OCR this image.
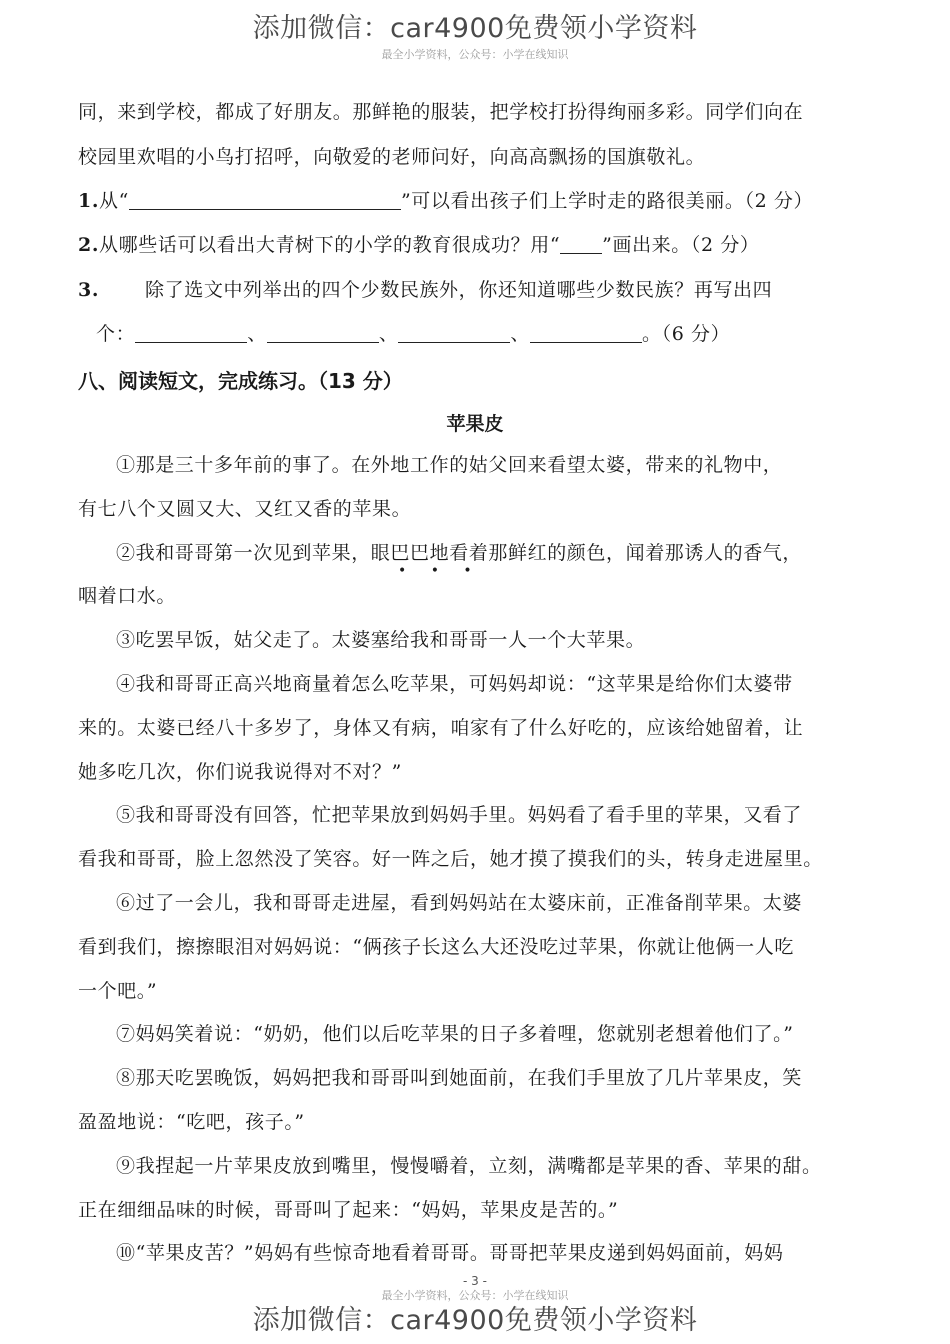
添加微信：car4900免费领小学资料
最全小学资料，公众号：小学在线知识
同，来到学校，都成了好朋友。那鲜艳的服装，把学校打扮得绚丽多彩。同学们向在
校园里欢唱的小鸟打招呼，向敬爱的老师问好，向高高飘扬的国旗敬礼。
1.从“	”可以看出孩子们上学时走的路很美丽。（2 分）
2.从哪些话可以看出大青树下的小学的教育很成功？用“ ”画出来。（2 分）
3. 除了选文中列举出的四个少数民族外，你还知道哪些少数民族？再写出四
个：	、	、	、	。（6 分）
八、阅读短文，完成练习。（13 分）
苹果皮
①那是三十多年前的事了。在外地工作的姑父回来看望太婆，带来的礼物中，
有七八个又圆又大、又红又香的苹果。
②我和哥哥第一次见到苹果，眼巴巴地看着那鲜红的颜色，闻着那诱人的香气，
咽着口水。
③吃罢早饭，姑父走了。太婆塞给我和哥哥一人一个大苹果。
④我和哥哥正高兴地商量着怎么吃苹果，可妈妈却说：“这苹果是给你们太婆带
来的。太婆已经八十多岁了，身体又有病，咱家有了什么好吃的，应该给她留着，让
她多吃几次，你们说我说得对不对？”
⑤我和哥哥没有回答，忙把苹果放到妈妈手里。妈妈看了看手里的苹果，又看了
看我和哥哥，脸上忽然没了笑容。好一阵之后，她才摸了摸我们的头，转身走进屋里。
⑥过了一会儿，我和哥哥走进屋，看到妈妈站在太婆床前，正准备削苹果。太婆
看到我们，擦擦眼泪对妈妈说：“俩孩子长这么大还没吃过苹果，你就让他俩一人吃
一个吧。”
⑦妈妈笑着说：“奶奶，他们以后吃苹果的日子多着哩，您就别老想着他们了。”
⑧那天吃罢晚饭，妈妈把我和哥哥叫到她面前，在我们手里放了几片苹果皮，笑
盈盈地说：“吃吧，孩子。”
⑨我捏起一片苹果皮放到嘴里，慢慢嚼着，立刻，满嘴都是苹果的香、苹果的甜。
正在细细品味的时候，哥哥叫了起来：“妈妈，苹果皮是苦的。”
⑩“苹果皮苦？”妈妈有些惊奇地看着哥哥。哥哥把苹果皮递到妈妈面前，妈妈
• • •
- 3 -
最全小学资料，公众号：小学在线知识
添加微信：car4900免费领小学资料
